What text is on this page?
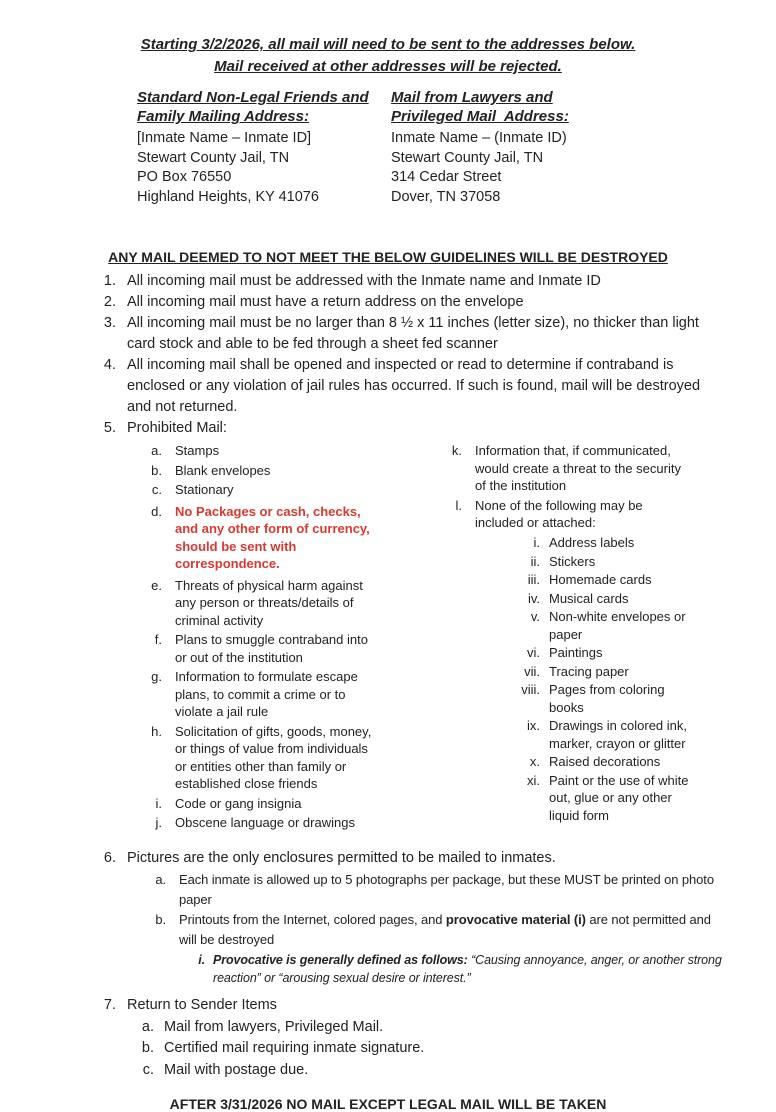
Starting 3/2/2026, all mail will need to be sent to the addresses below.
Mail received at other addresses will be rejected.
Standard Non-Legal Friends and
Family Mailing Address:
[Inmate Name – Inmate ID]
Stewart County Jail, TN
PO Box 76550
Highland Heights, KY 41076
Mail from Lawyers and
Privileged Mail  Address:
Inmate Name – (Inmate ID)
Stewart County Jail, TN
314 Cedar Street
Dover, TN 37058
ANY MAIL DEEMED TO NOT MEET THE BELOW GUIDELINES WILL BE DESTROYED
1. All incoming mail must be addressed with the Inmate name and Inmate ID
2. All incoming mail must have a return address on the envelope
3. All incoming mail must be no larger than 8 ½ x 11 inches (letter size), no thicker than light card stock and able to be fed through a sheet fed scanner
4. All incoming mail shall be opened and inspected or read to determine if contraband is enclosed or any violation of jail rules has occurred. If such is found, mail will be destroyed and not returned.
5. Prohibited Mail:
a. Stamps
b. Blank envelopes
c. Stationary
d. No Packages or cash, checks, and any other form of currency, should be sent with correspondence.
e. Threats of physical harm against any person or threats/details of criminal activity
f. Plans to smuggle contraband into or out of the institution
g. Information to formulate escape plans, to commit a crime or to violate a jail rule
h. Solicitation of gifts, goods, money, or things of value from individuals or entities other than family or established close friends
i. Code or gang insignia
j. Obscene language or drawings
k. Information that, if communicated, would create a threat to the security of the institution
l. None of the following may be included or attached:
i. Address labels
ii. Stickers
iii. Homemade cards
iv. Musical cards
v. Non-white envelopes or paper
vi. Paintings
vii. Tracing paper
viii. Pages from coloring books
ix. Drawings in colored ink, marker, crayon or glitter
x. Raised decorations
xi. Paint or the use of white out, glue or any other liquid form
6. Pictures are the only enclosures permitted to be mailed to inmates.
a. Each inmate is allowed up to 5 photographs per package, but these MUST be printed on photo paper
b. Printouts from the Internet, colored pages, and provocative material (i) are not permitted and will be destroyed
i. Provocative is generally defined as follows: “Causing annoyance, anger, or another strong reaction” or “arousing sexual desire or interest.”
7. Return to Sender Items
a. Mail from lawyers, Privileged Mail.
b. Certified mail requiring inmate signature.
c. Mail with postage due.
AFTER 3/31/2026 NO MAIL EXCEPT LEGAL MAIL WILL BE TAKEN
